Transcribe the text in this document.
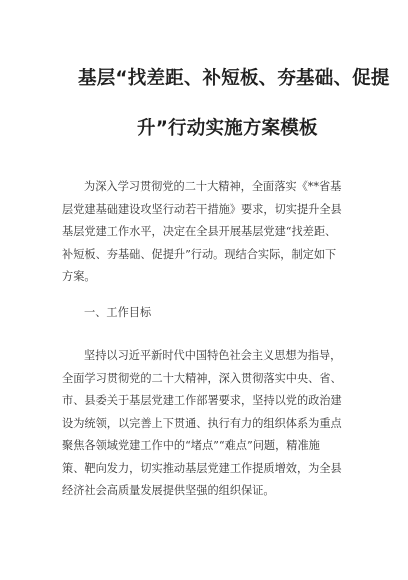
基层“找差距、补短板、夯基础、促提
升”行动实施方案模板
为深入学习贯彻党的二十大精神，全面落实《**省基
层党建基础建设攻坚行动若干措施》要求，切实提升全县
基层党建工作水平，决定在全县开展基层党建“找差距、
补短板、夯基础、促提升”行动。现结合实际，制定如下
方案。
一、工作目标
坚持以习近平新时代中国特色社会主义思想为指导，
全面学习贯彻党的二十大精神，深入贯彻落实中央、省、
市、县委关于基层党建工作部署要求，坚持以党的政治建
设为统领，以完善上下贯通、执行有力的组织体系为重点
聚焦各领域党建工作中的“堵点”“难点”问题，精准施
策、靶向发力，切实推动基层党建工作提质增效，为全县
经济社会高质量发展提供坚强的组织保证。
